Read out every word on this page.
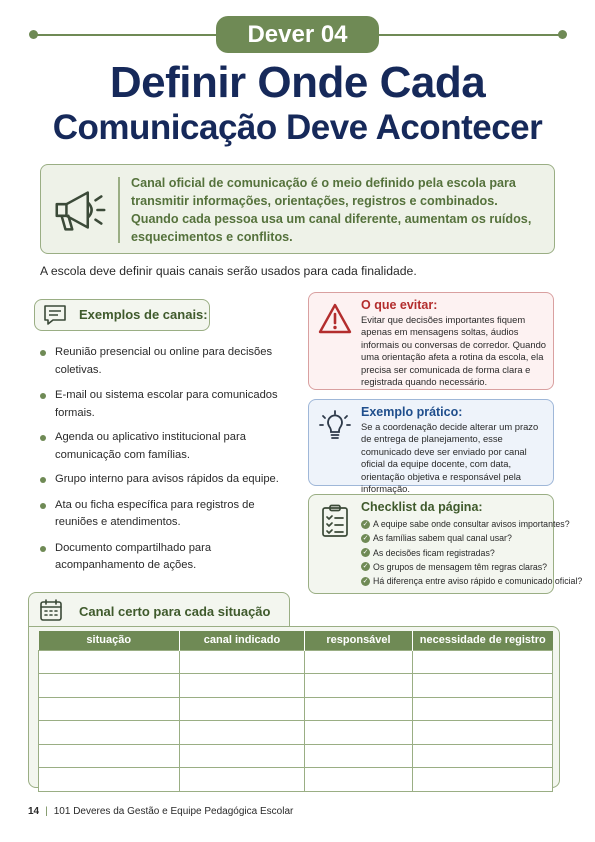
Dever 04
Definir Onde Cada
Comunicação Deve Acontecer

Canal oficial de comunicação é o meio definido pela escola para transmitir informações, orientações, registros e combinados. Quando cada pessoa usa um canal diferente, aumentam os ruídos, esquecimentos e conflitos.

A escola deve definir quais canais serão usados para cada finalidade.

Exemplos de canais:
Reunião presencial ou online para decisões coletivas.
E-mail ou sistema escolar para comunicados formais.
Agenda ou aplicativo institucional para comunicação com famílias.
Grupo interno para avisos rápidos da equipe.
Ata ou ficha específica para registros de reuniões e atendimentos.
Documento compartilhado para acompanhamento de ações.
O que evitar:

Evitar que decisões importantes fiquem apenas em mensagens soltas, áudios informais ou conversas de corredor. Quando uma orientação afeta a rotina da escola, ela precisa ser comunicada de forma clara e registrada quando necessário.

Exemplo prático:

Se a coordenação decide alterar um prazo de entrega de planejamento, esse comunicado deve ser enviado por canal oficial da equipe docente, com data, orientação objetiva e responsável pela informação.

Checklist da página:
✓ A equipe sabe onde consultar avisos importantes?
✓ As famílias sabem qual canal usar?
✓ As decisões ficam registradas?
✓ Os grupos de mensagem têm regras claras?
✓ Há diferença entre aviso rápido e comunicado oficial?
Canal certo para cada situação
situação	canal indicado	responsável	necessidade de registro

14 | 101 Deveres da Gestão e Equipe Pedagógica Escolar
